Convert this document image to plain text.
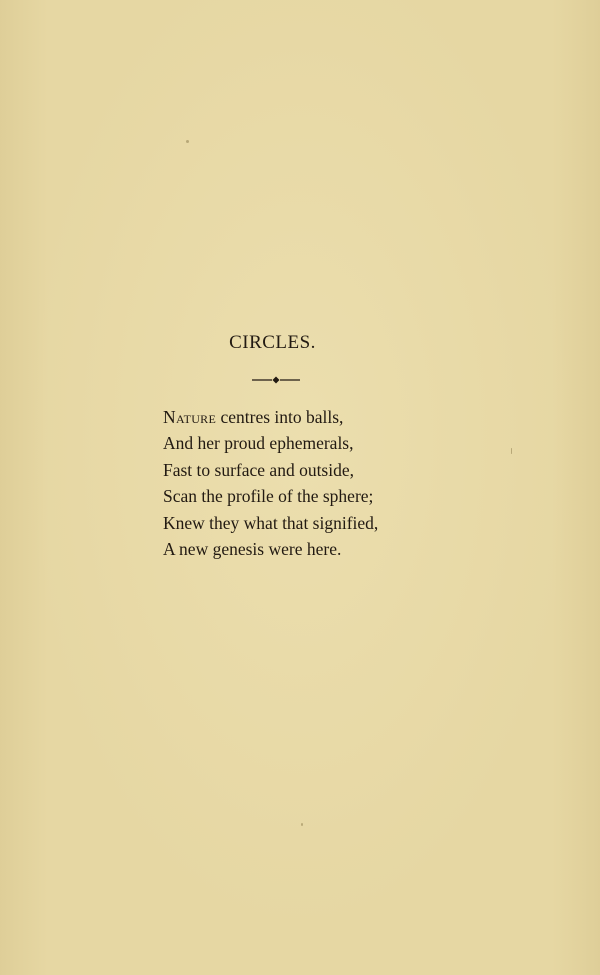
CIRCLES.
Nature centres into balls,
And her proud ephemerals,
Fast to surface and outside,
Scan the profile of the sphere;
Knew they what that signified,
A new genesis were here.
